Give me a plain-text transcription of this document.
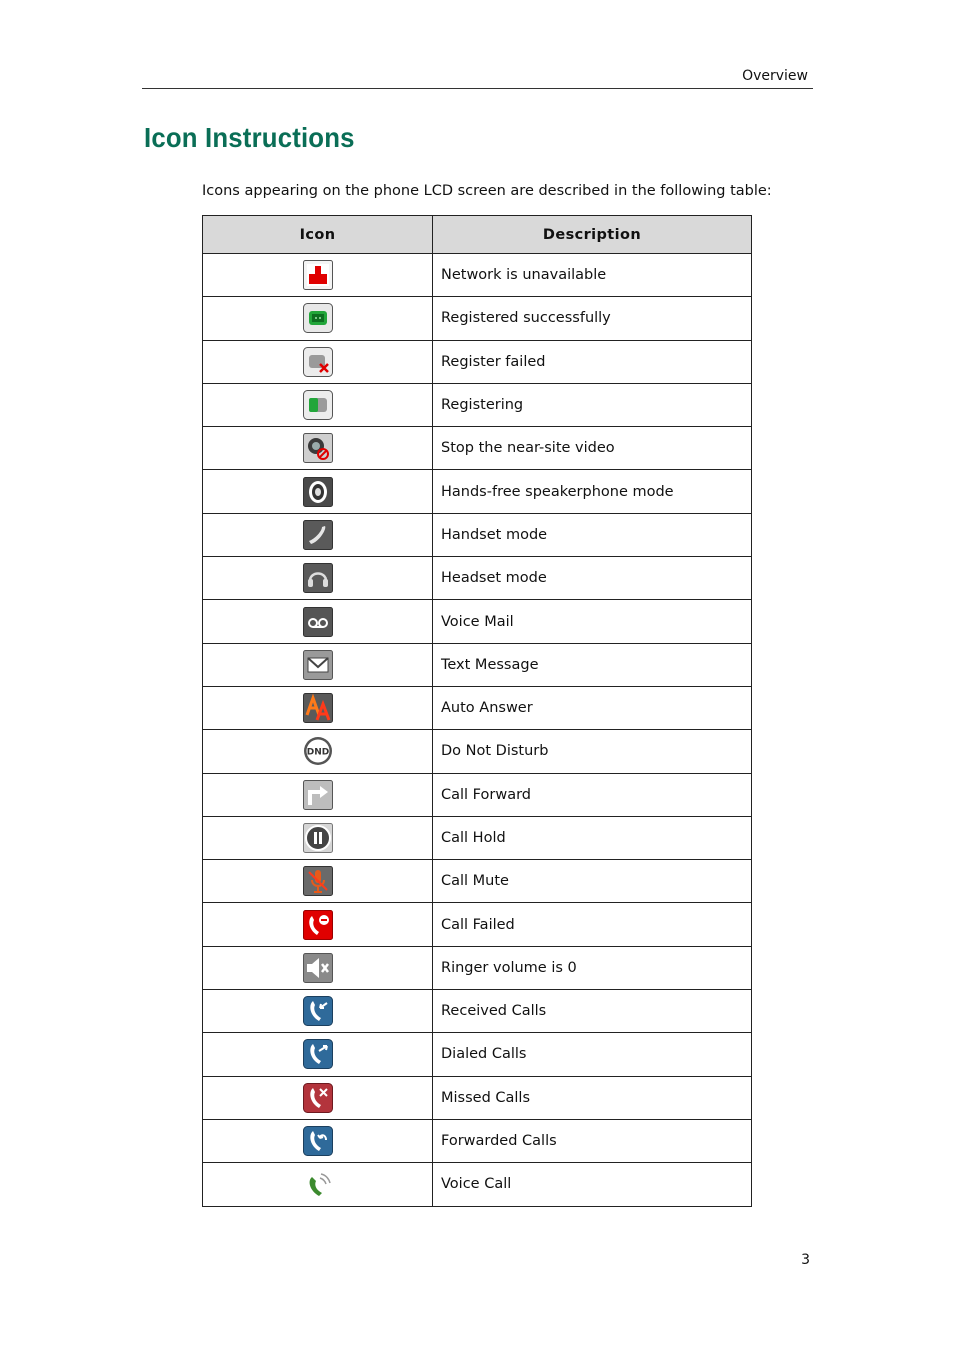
Overview
Icon Instructions
Icons appearing on the phone LCD screen are described in the following table:
Icon	Description

	Network is unavailable

	Registered successfully

	Register failed

	Registering

	Stop the near-site video

	Hands-free speakerphone mode

	Handset mode

	Headset mode

	Voice Mail

	Text Message

	Auto Answer

DND	Do Not Disturb

	Call Forward

	Call Hold

	Call Mute

	Call Failed

	Ringer volume is 0

	Received Calls

	Dialed Calls

	Missed Calls

	Forwarded Calls

	Voice Call
3
